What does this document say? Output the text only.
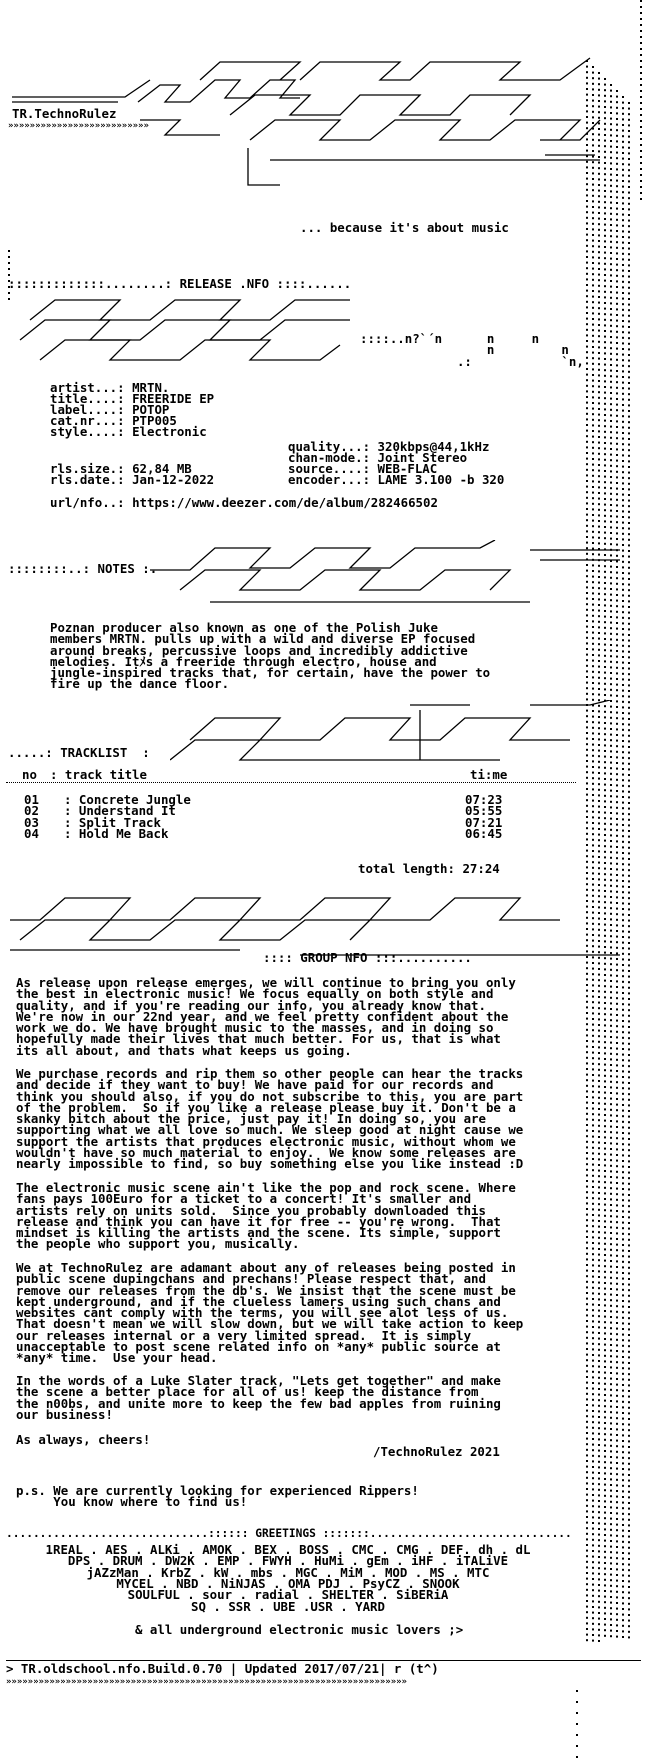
TR.TechnoRulez
»»»»»»»»»»»»»»»»»»»»»»»»»»
... because it's about music
:::::::::::::........: RELEASE .NFO ::::......
::::..n?`´n      n     n
n         n
.:            `n,
artist...: MRTN.
title....: FREERIDE EP
label....: POTOP
cat.nr...: PTP005
style....: Electronic
quality...: 320kbps@44,1kHz
chan-mode.: Joint Stereo
source....: WEB-FLAC
encoder...: LAME 3.100 -b 320
rls.size.: 62,84 MB
rls.date.: Jan-12-2022
url/nfo..: https://www.deezer.com/de/album/282466502
::::::::..: NOTES :.
Poznan producer also known as one of the Polish Juke
members MRTN. pulls up with a wild and diverse EP focused
around breaks, percussive loops and incredibly addictive
melodies. Itﾒs a freeride through electro, house and
jungle-inspired tracks that, for certain, have the power to
fire up the dance floor.
.....: TRACKLIST  :
no : track title	ti:me
01 : Concrete Jungle	07:23
02 : Understand It	05:55
03 : Split Track	07:21
04 : Hold Me Back	06:45
total length: 27:24
:::: GROUP NFO :::..........
As release upon release emerges, we will continue to bring you only
the best in electronic music! We focus equally on both style and
quality, and if you're reading our info, you already know that.
We're now in our 22nd year, and we feel pretty confident about the
work we do. We have brought music to the masses, and in doing so
hopefully made their lives that much better. For us, that is what
its all about, and thats what keeps us going.
We purchase records and rip them so other people can hear the tracks
and decide if they want to buy! We have paid for our records and
think you should also, if you do not subscribe to this, you are part
of the problem.  So if you like a release please buy it. Don't be a
skanky bitch about the price, just pay it! In doing so, you are
supporting what we all love so much. We sleep good at night cause we
support the artists that produces electronic music, without whom we
wouldn't have so much material to enjoy.  We know some releases are
nearly impossible to find, so buy something else you like instead :D
The electronic music scene ain't like the pop and rock scene. Where
fans pays 100Euro for a ticket to a concert! It's smaller and
artists rely on units sold.  Since you probably downloaded this
release and think you can have it for free -- you're wrong.  That
mindset is killing the artists and the scene. Its simple, support
the people who support you, musically.
We at TechnoRulez are adamant about any of releases being posted in
public scene dupingchans and prechans! Please respect that, and
remove our releases from the db's. We insist that the scene must be
kept underground, and if the clueless lamers using such chans and
websites cant comply with the terms, you will see alot less of us.
That doesn't mean we will slow down, but we will take action to keep
our releases internal or a very limited spread.  It is simply
unacceptable to post scene related info on *any* public source at
*any* time.  Use your head.
In the words of a Luke Slater track, "Lets get together" and make
the scene a better place for all of us! keep the distance from
the n00bs, and unite more to keep the few bad apples from ruining
our business!
As always, cheers!
/TechnoRulez 2021
p.s. We are currently looking for experienced Rippers!
You know where to find us!
..............................:::::: GREETINGS :::::::..............................
1REAL . AES . ALKi . AMOK . BEX . BOSS . CMC . CMG . DEF. dh . dL
DPS . DRUM . DW2K . EMP . FWYH . HuMi . gEm . iHF . iTALiVE
jAZzMan . KrbZ . kW . mbs . MGC . MiM . MOD . MS . MTC
MYCEL . NBD . NiNJAS . OMA PDJ . PsyCZ . SNOOK
SOULFUL . sour . radial . SHELTER . SiBERiA
SQ . SSR . UBE .USR . YARD
& all underground electronic music lovers ;>
> TR.oldschool.nfo.Build.0.70 | Updated 2017/07/21| r (t^)
»»»»»»»»»»»»»»»»»»»»»»»»»»»»»»»»»»»»»»»»»»»»»»»»»»»»»»»»»»»»»»»»»»»»»»»»»»
